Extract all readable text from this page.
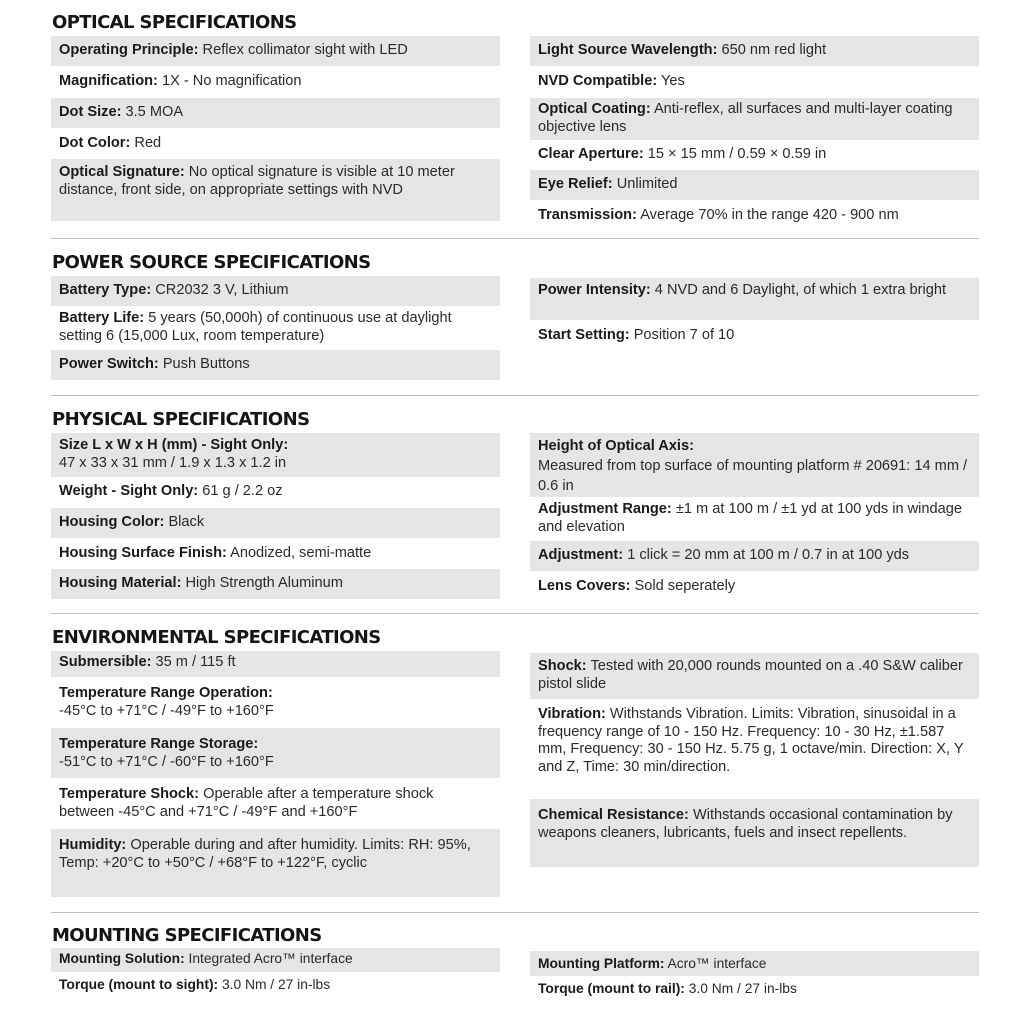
OPTICAL SPECIFICATIONS
Operating Principle: Reflex collimator sight with LED
Magnification: 1X - No magnification
Dot Size: 3.5 MOA
Dot Color: Red
Optical Signature: No optical signature is visible at 10 meter distance, front side, on appropriate settings with NVD
Light Source Wavelength: 650 nm red light
NVD Compatible: Yes
Optical Coating: Anti-reflex, all surfaces and multi-layer coating objective lens
Clear Aperture: 15 × 15 mm / 0.59 × 0.59 in
Eye Relief: Unlimited
Transmission: Average 70% in the range 420 - 900 nm
POWER SOURCE SPECIFICATIONS
Battery Type: CR2032 3 V, Lithium
Battery Life: 5 years (50,000h) of continuous use at daylight setting 6 (15,000 Lux, room temperature)
Power Switch: Push Buttons
Power Intensity: 4 NVD and 6 Daylight, of which 1 extra bright
Start Setting: Position 7 of 10
PHYSICAL SPECIFICATIONS
Size L x W x H (mm) - Sight Only:
47 x 33 x 31 mm / 1.9 x 1.3 x 1.2 in
Weight - Sight Only: 61 g / 2.2 oz
Housing Color: Black
Housing Surface Finish: Anodized, semi-matte
Housing Material: High Strength Aluminum
Height of Optical Axis:
Measured from top surface of mounting platform # 20691: 14 mm / 0.6 in
Adjustment Range: ±1 m at 100 m / ±1 yd at 100 yds in windage and elevation
Adjustment: 1 click = 20 mm at 100 m / 0.7 in at 100 yds
Lens Covers: Sold seperately
ENVIRONMENTAL SPECIFICATIONS
Submersible: 35 m / 115 ft
Temperature Range Operation:
-45°C to +71°C / -49°F to +160°F
Temperature Range Storage:
-51°C to +71°C / -60°F to +160°F
Temperature Shock: Operable after a temperature shock between -45°C and +71°C / -49°F and +160°F
Humidity: Operable during and after humidity. Limits: RH: 95%, Temp: +20°C to +50°C / +68°F to +122°F, cyclic
Shock: Tested with 20,000 rounds mounted on a .40 S&W caliber pistol slide
Vibration: Withstands Vibration. Limits: Vibration, sinusoidal in a frequency range of 10 - 150 Hz. Frequency: 10 - 30 Hz, ±1.587 mm, Frequency: 30 - 150 Hz. 5.75 g, 1 octave/min. Direction: X, Y and Z, Time: 30 min/direction.
Chemical Resistance: Withstands occasional contamination by weapons cleaners, lubricants, fuels and insect repellents.
MOUNTING SPECIFICATIONS
Mounting Solution: Integrated Acro™ interface
Torque (mount to sight): 3.0 Nm / 27 in-lbs
Mounting Platform: Acro™ interface
Torque (mount to rail): 3.0 Nm / 27 in-lbs
